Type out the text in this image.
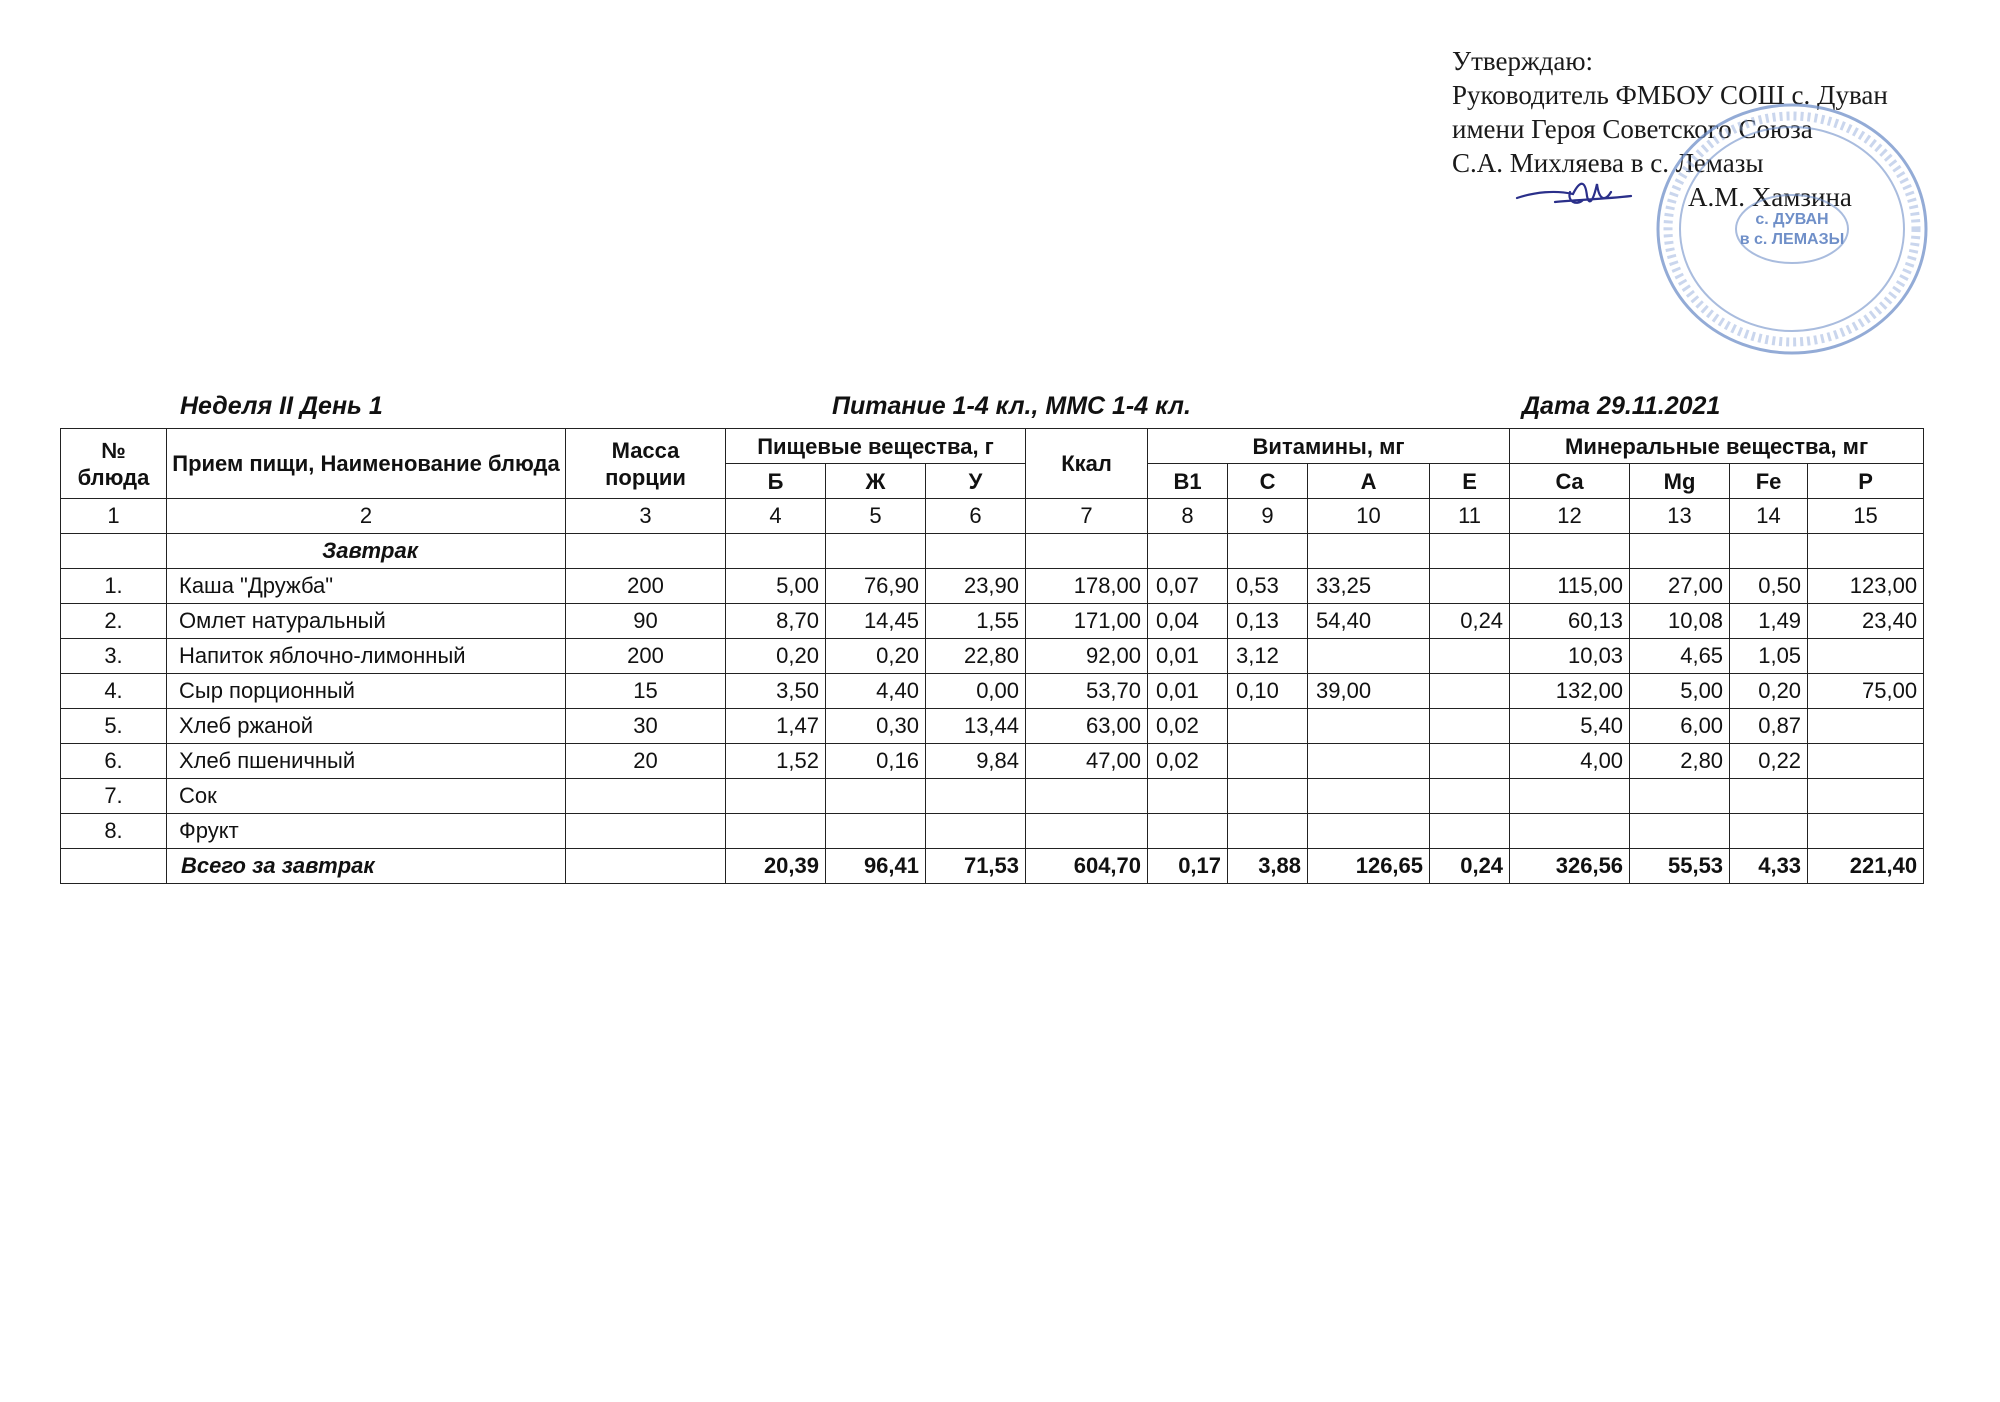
Утверждаю:
Руководитель ФМБОУ СОШ с. Дуван
имени Героя Советского Союза
С.А. Михляева в с. Лемазы
А.М. Хамзина
с. ДУВАН
в с. ЛЕМАЗЫ
Неделя II День 1	Питание 1-4 кл., ММС 1-4 кл.	Дата 29.11.2021
№ блюда	Прием пищи, Наименование блюда	Масса порции	Пищевые вещества, г			Ккал	Витамины, мг				Минеральные вещества, мг			
			Б	Ж	У		B1	C	A	E	Ca	Mg	Fe	P
1	2	3	4	5	6	7	8	9	10	11	12	13	14	15
	Завтрак													
1.	Каша "Дружба"	200	5,00	76,90	23,90	178,00	0,07	0,53	33,25		115,00	27,00	0,50	123,00
2.	Омлет натуральный	90	8,70	14,45	1,55	171,00	0,04	0,13	54,40	0,24	60,13	10,08	1,49	23,40
3.	Напиток яблочно-лимонный	200	0,20	0,20	22,80	92,00	0,01	3,12			10,03	4,65	1,05	
4.	Сыр порционный	15	3,50	4,40	0,00	53,70	0,01	0,10	39,00		132,00	5,00	0,20	75,00
5.	Хлеб ржаной	30	1,47	0,30	13,44	63,00	0,02				5,40	6,00	0,87	
6.	Хлеб пшеничный	20	1,52	0,16	9,84	47,00	0,02				4,00	2,80	0,22	
7.	Сок													
8.	Фрукт													
	Всего за завтрак		20,39	96,41	71,53	604,70	0,17	3,88	126,65	0,24	326,56	55,53	4,33	221,40
